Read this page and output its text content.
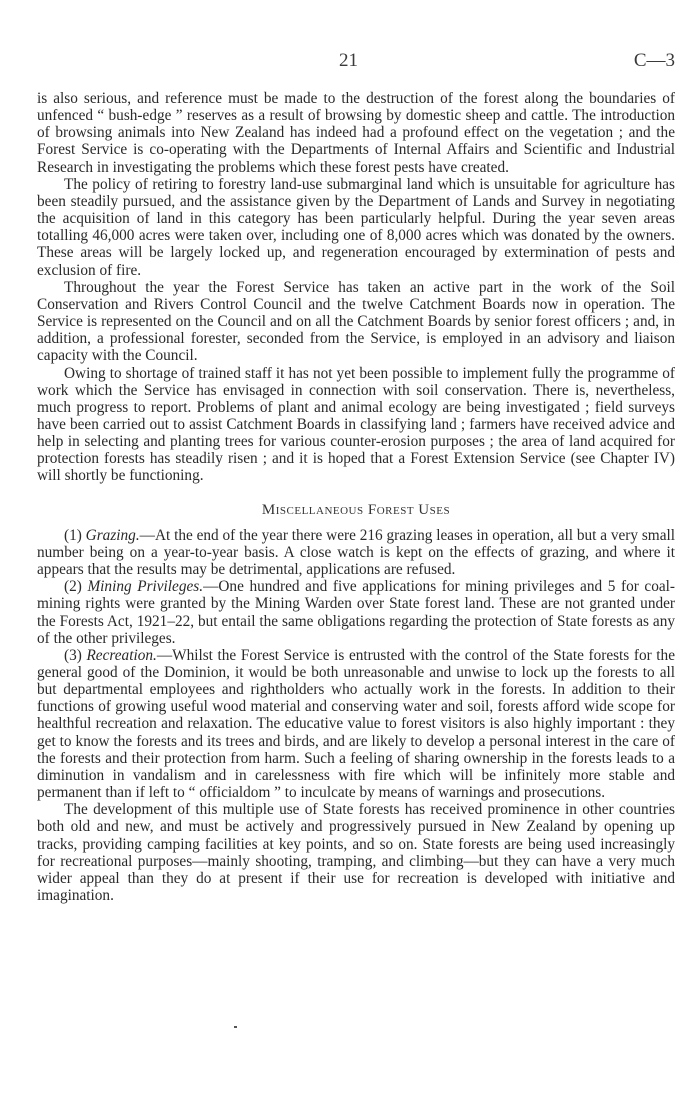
21	C—3

is also serious, and reference must be made to the destruction of the forest along the boundaries of unfenced “ bush-edge ” reserves as a result of browsing by domestic sheep and cattle. The introduction of browsing animals into New Zealand has indeed had a profound effect on the vegetation ; and the Forest Service is co-operating with the Departments of Internal Affairs and Scientific and Industrial Research in investigating the problems which these forest pests have created.

The policy of retiring to forestry land-use submarginal land which is unsuitable for agriculture has been steadily pursued, and the assistance given by the Department of Lands and Survey in negotiating the acquisition of land in this category has been particularly helpful. During the year seven areas totalling 46,000 acres were taken over, including one of 8,000 acres which was donated by the owners. These areas will be largely locked up, and regeneration encouraged by extermination of pests and exclusion of fire.

Throughout the year the Forest Service has taken an active part in the work of the Soil Conservation and Rivers Control Council and the twelve Catchment Boards now in operation. The Service is represented on the Council and on all the Catchment Boards by senior forest officers ; and, in addition, a professional forester, seconded from the Service, is employed in an advisory and liaison capacity with the Council.

Owing to shortage of trained staff it has not yet been possible to implement fully the programme of work which the Service has envisaged in connection with soil conservation. There is, nevertheless, much progress to report. Problems of plant and animal ecology are being investigated ; field surveys have been carried out to assist Catchment Boards in classifying land ; farmers have received advice and help in selecting and planting trees for various counter-erosion purposes ; the area of land acquired for protection forests has steadily risen ; and it is hoped that a Forest Extension Service (see Chapter IV) will shortly be functioning.

Miscellaneous Forest Uses

(1) Grazing.—At the end of the year there were 216 grazing leases in operation, all but a very small number being on a year-to-year basis. A close watch is kept on the effects of grazing, and where it appears that the results may be detrimental, applications are refused.

(2) Mining Privileges.—One hundred and five applications for mining privileges and 5 for coal-mining rights were granted by the Mining Warden over State forest land. These are not granted under the Forests Act, 1921–22, but entail the same obligations regarding the protection of State forests as any of the other privileges.

(3) Recreation.—Whilst the Forest Service is entrusted with the control of the State forests for the general good of the Dominion, it would be both unreasonable and unwise to lock up the forests to all but departmental employees and rightholders who actually work in the forests. In addition to their functions of growing useful wood material and conserving water and soil, forests afford wide scope for healthful recreation and relaxation. The educative value to forest visitors is also highly important : they get to know the forests and its trees and birds, and are likely to develop a personal interest in the care of the forests and their protection from harm. Such a feeling of sharing ownership in the forests leads to a diminution in vandalism and in carelessness with fire which will be infinitely more stable and permanent than if left to “ officialdom ” to inculcate by means of warnings and prosecutions.

The development of this multiple use of State forests has received prominence in other countries both old and new, and must be actively and progressively pursued in New Zealand by opening up tracks, providing camping facilities at key points, and so on. State forests are being used increasingly for recreational purposes—mainly shooting, tramping, and climbing—but they can have a very much wider appeal than they do at present if their use for recreation is developed with initiative and imagination.
